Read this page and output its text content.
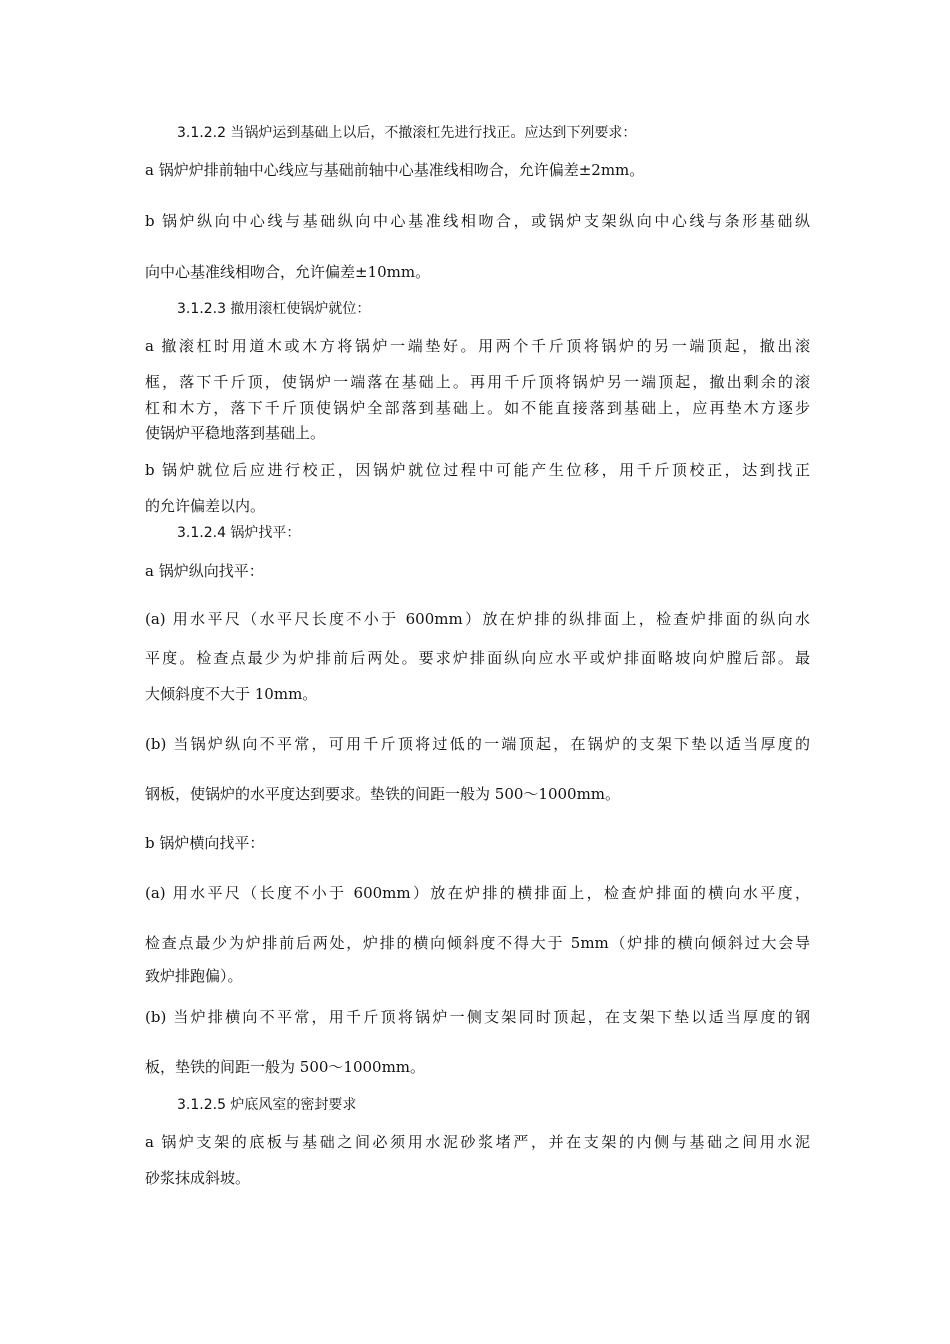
3.1.2.2 当锅炉运到基础上以后，不撤滚杠先进行找正。应达到下列要求：
a 锅炉炉排前轴中心线应与基础前轴中心基准线相吻合，允许偏差±2mm。
b 锅炉纵向中心线与基础纵向中心基准线相吻合，或锅炉支架纵向中心线与条形基础纵
向中心基准线相吻合，允许偏差±10mm。
3.1.2.3 撤用滚杠使锅炉就位：
a 撤滚杠时用道木或木方将锅炉一端垫好。用两个千斤顶将锅炉的另一端顶起，撤出滚
框，落下千斤顶，使锅炉一端落在基础上。再用千斤顶将锅炉另一端顶起，撤出剩余的滚
杠和木方，落下千斤顶使锅炉全部落到基础上。如不能直接落到基础上，应再垫木方逐步
使锅炉平稳地落到基础上。
b 锅炉就位后应进行校正，因锅炉就位过程中可能产生位移，用千斤顶校正，达到找正
的允许偏差以内。
3.1.2.4 锅炉找平：
a 锅炉纵向找平：
(a) 用水平尺（水平尺长度不小于 600mm）放在炉排的纵排面上，检查炉排面的纵向水
平度。检查点最少为炉排前后两处。要求炉排面纵向应水平或炉排面略坡向炉膛后部。最
大倾斜度不大于 10mm。
(b) 当锅炉纵向不平常，可用千斤顶将过低的一端顶起，在锅炉的支架下垫以适当厚度的
钢板，使锅炉的水平度达到要求。垫铁的间距一般为 500～1000mm。
b 锅炉横向找平：
(a) 用水平尺（长度不小于 600mm）放在炉排的横排面上，检查炉排面的横向水平度，
检查点最少为炉排前后两处，炉排的横向倾斜度不得大于 5mm（炉排的横向倾斜过大会导
致炉排跑偏）。
(b) 当炉排横向不平常，用千斤顶将锅炉一侧支架同时顶起，在支架下垫以适当厚度的钢
板，垫铁的间距一般为 500～1000mm。
3.1.2.5 炉底风室的密封要求
a 锅炉支架的底板与基础之间必须用水泥砂浆堵严，并在支架的内侧与基础之间用水泥
砂浆抹成斜坡。
